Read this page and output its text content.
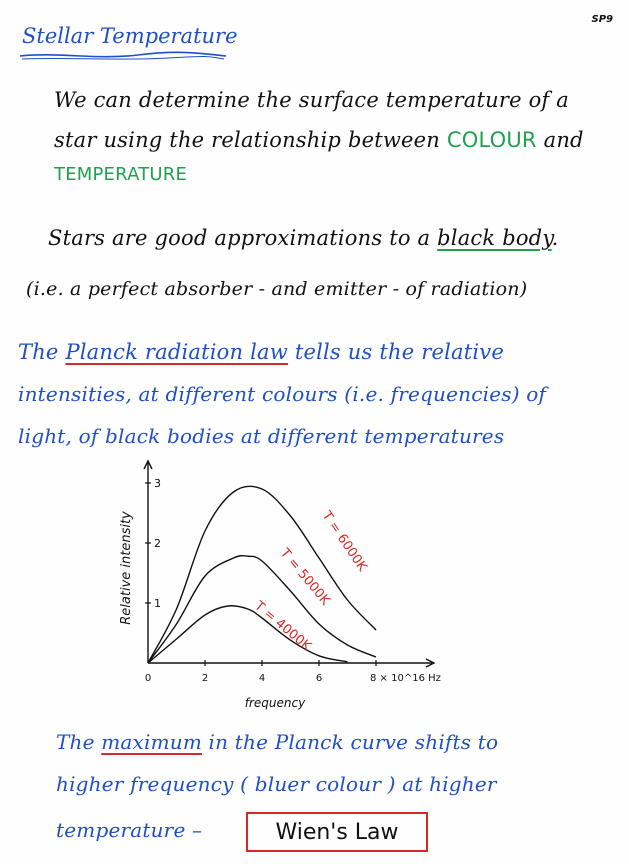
SP9
Stellar Temperature
We can determine the surface temperature of a
star using the relationship between COLOUR and
TEMPERATURE
Stars are good approximations to a black body.
(i.e. a perfect absorber - and emitter - of radiation)
The Planck radiation law tells us the relative
intensities, at different colours (i.e. frequencies) of
light, of black bodies at different temperatures
1
2
3
0	2	4	6	8 × 10^16 Hz
frequency
Relative intensity	T = 6000K
T = 5000K
T = 4000K
The maximum in the Planck curve shifts to
higher frequency ( bluer colour ) at higher
temperature –	Wien's Law
